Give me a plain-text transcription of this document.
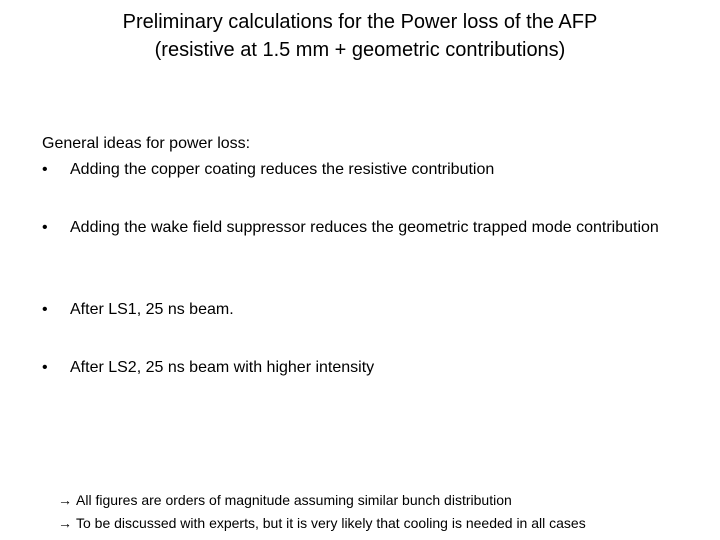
Preliminary calculations for the Power loss of the AFP
(resistive at 1.5 mm + geometric contributions)
General ideas for power loss:
•	Adding the copper coating reduces the resistive contribution
•	Adding the wake field suppressor reduces the geometric trapped mode contribution
•	After LS1, 25 ns beam.
•	After LS2, 25 ns beam with higher intensity
→ All figures are orders of magnitude assuming similar bunch distribution
→ To be discussed with experts, but it is very likely that cooling is needed in all cases
